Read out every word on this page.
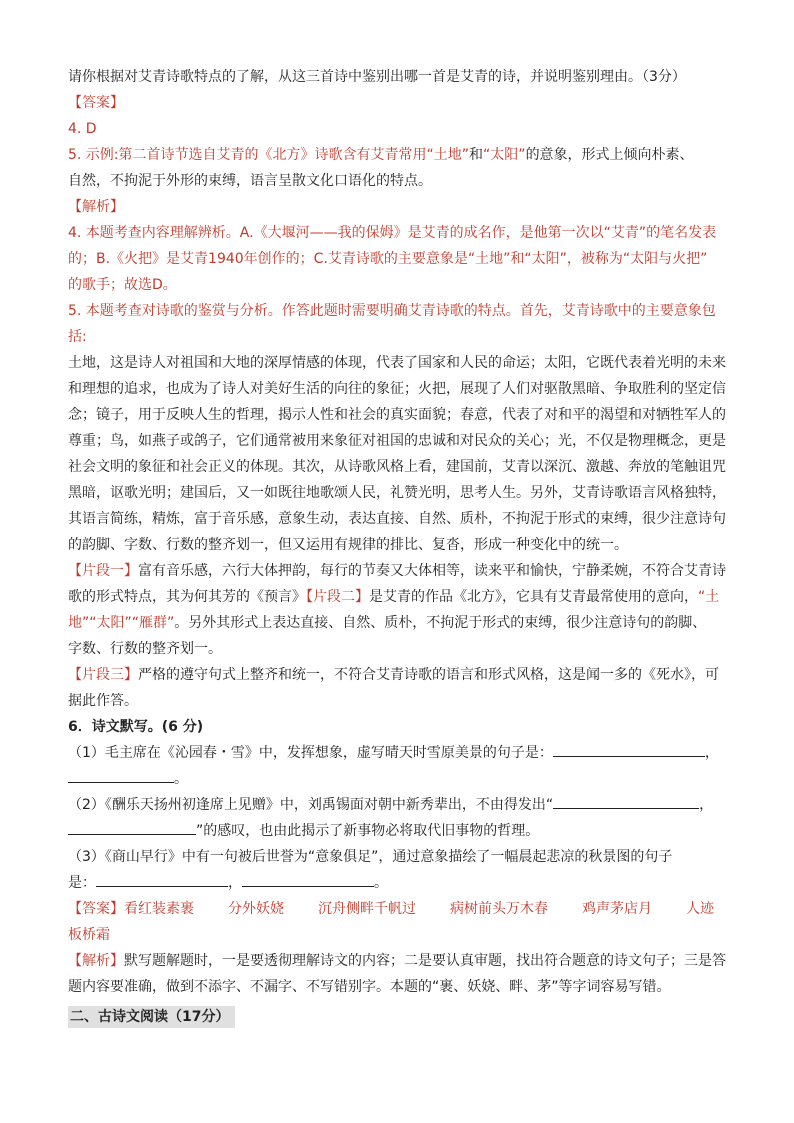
请你根据对艾青诗歌特点的了解，从这三首诗中鉴别出哪一首是艾青的诗，并说明鉴别理由。（3分）

【答案】

4. D

5. 示例:第二首诗节选自艾青的《北方》诗歌含有艾青常用“土地”和“太阳”的意象，形式上倾向朴素、

自然，不拘泥于外形的束缚，语言呈散文化口语化的特点。

【解析】

4. 本题考查内容理解辨析。A.《大堰河——我的保姆》是艾青的成名作，是他第一次以“艾青”的笔名发表

的；B.《火把》是艾青1940年创作的；C.艾青诗歌的主要意象是“土地”和“太阳”，被称为“太阳与火把”

的歌手；故选D。

5. 本题考查对诗歌的鉴赏与分析。作答此题时需要明确艾青诗歌的特点。首先，艾青诗歌中的主要意象包括:

土地，这是诗人对祖国和大地的深厚情感的体现，代表了国家和人民的命运；太阳，它既代表着光明的未来

和理想的追求，也成为了诗人对美好生活的向往的象征；火把，展现了人们对驱散黑暗、争取胜利的坚定信

念；镜子，用于反映人生的哲理，揭示人性和社会的真实面貌；春意，代表了对和平的渴望和对牺牲军人的

尊重；鸟，如燕子或鸽子，它们通常被用来象征对祖国的忠诚和对民众的关心；光，不仅是物理概念，更是

社会文明的象征和社会正义的体现。其次，从诗歌风格上看，建国前，艾青以深沉、激越、奔放的笔触诅咒

黑暗，讴歌光明；建国后，又一如既往地歌颂人民，礼赞光明，思考人生。另外，艾青诗歌语言风格独特，

其语言简练，精炼，富于音乐感，意象生动，表达直接、自然、质朴，不拘泥于形式的束缚，很少注意诗句

的韵脚、字数、行数的整齐划一，但又运用有规律的排比、复沓，形成一种变化中的统一。

【片段一】富有音乐感，六行大体押韵，每行的节奏又大体相等，读来平和愉快，宁静柔婉，不符合艾青诗

歌的形式特点，其为何其芳的《预言》【片段二】是艾青的作品《北方》，它具有艾青最常使用的意向，“土

地”“太阳”“雁群”。另外其形式上表达直接、自然、质朴，不拘泥于形式的束缚，很少注意诗句的韵脚、

字数、行数的整齐划一。

【片段三】严格的遵守句式上整齐和统一，不符合艾青诗歌的语言和形式风格，这是闻一多的《死水》，可

据此作答。

6．诗文默写。(6 分)

（1）毛主席在《沁园春・雪》中，发挥想象，虚写晴天时雪原美景的句子是：	，

。

（2）《酬乐天扬州初逢席上见赠》中，刘禹锡面对朝中新秀辈出，不由得发出“	，

”的感叹，也由此揭示了新事物必将取代旧事物的哲理。

（3）《商山早行》中有一句被后世誉为“意象俱足”，通过意象描绘了一幅晨起悲凉的秋景图的句子

是：	，	。

【答案】看红装素裹 分外妖娆 沉舟侧畔千帆过 病树前头万木春 鸡声茅店月 人迹

板桥霜

【解析】默写题解题时，一是要透彻理解诗文的内容；二是要认真审题，找出符合题意的诗文句子；三是答

题内容要准确，做到不添字、不漏字、不写错别字。本题的“裹、妖娆、畔、茅”等字词容易写错。

二、古诗文阅读（17分）
